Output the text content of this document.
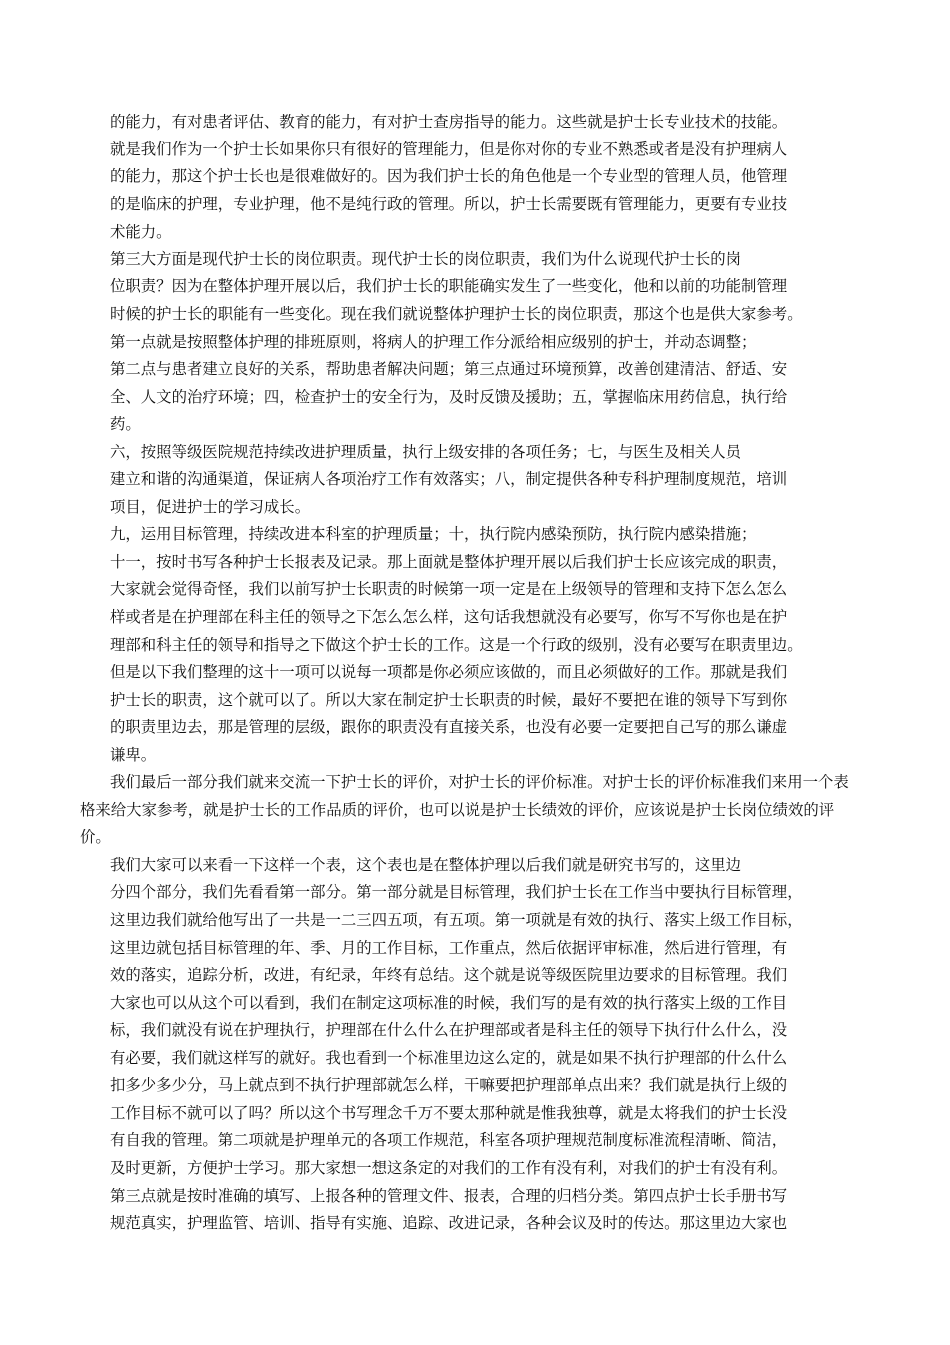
的能力，有对患者评估、教育的能力，有对护士查房指导的能力。这些就是护士长专业技术的技能。
就是我们作为一个护士长如果你只有很好的管理能力，但是你对你的专业不熟悉或者是没有护理病人
的能力，那这个护士长也是很难做好的。因为我们护士长的角色他是一个专业型的管理人员，他管理
的是临床的护理，专业护理，他不是纯行政的管理。所以，护士长需要既有管理能力，更要有专业技
术能力。
第三大方面是现代护士长的岗位职责。现代护士长的岗位职责，我们为什么说现代护士长的岗
位职责？因为在整体护理开展以后，我们护士长的职能确实发生了一些变化，他和以前的功能制管理
时候的护士长的职能有一些变化。现在我们就说整体护理护士长的岗位职责，那这个也是供大家参考。
第一点就是按照整体护理的排班原则，将病人的护理工作分派给相应级别的护士，并动态调整；
第二点与患者建立良好的关系，帮助患者解决问题；第三点通过环境预算，改善创建清洁、舒适、安
全、人文的治疗环境；四，检查护士的安全行为，及时反馈及援助；五，掌握临床用药信息，执行给
药。
六，按照等级医院规范持续改进护理质量，执行上级安排的各项任务；七，与医生及相关人员
建立和谐的沟通渠道，保证病人各项治疗工作有效落实；八，制定提供各种专科护理制度规范，培训
项目，促进护士的学习成长。
九，运用目标管理，持续改进本科室的护理质量；十，执行院内感染预防，执行院内感染措施；
十一，按时书写各种护士长报表及记录。那上面就是整体护理开展以后我们护士长应该完成的职责，
大家就会觉得奇怪，我们以前写护士长职责的时候第一项一定是在上级领导的管理和支持下怎么怎么
样或者是在护理部在科主任的领导之下怎么怎么样，这句话我想就没有必要写，你写不写你也是在护
理部和科主任的领导和指导之下做这个护士长的工作。这是一个行政的级别，没有必要写在职责里边。
但是以下我们整理的这十一项可以说每一项都是你必须应该做的，而且必须做好的工作。那就是我们
护士长的职责，这个就可以了。所以大家在制定护士长职责的时候，最好不要把在谁的领导下写到你
的职责里边去，那是管理的层级，跟你的职责没有直接关系，也没有必要一定要把自己写的那么谦虚
谦卑。
我们最后一部分我们就来交流一下护士长的评价，对护士长的评价标准。对护士长的评价标准我们来用一个表
格来给大家参考，就是护士长的工作品质的评价，也可以说是护士长绩效的评价，应该说是护士长岗位绩效的评
价。
我们大家可以来看一下这样一个表，这个表也是在整体护理以后我们就是研究书写的，这里边
分四个部分，我们先看看第一部分。第一部分就是目标管理，我们护士长在工作当中要执行目标管理，
这里边我们就给他写出了一共是一二三四五项，有五项。第一项就是有效的执行、落实上级工作目标，
这里边就包括目标管理的年、季、月的工作目标，工作重点，然后依据评审标准，然后进行管理，有
效的落实，追踪分析，改进，有纪录，年终有总结。这个就是说等级医院里边要求的目标管理。我们
大家也可以从这个可以看到，我们在制定这项标准的时候，我们写的是有效的执行落实上级的工作目
标，我们就没有说在护理执行，护理部在什么什么在护理部或者是科主任的领导下执行什么什么，没
有必要，我们就这样写的就好。我也看到一个标准里边这么定的，就是如果不执行护理部的什么什么
扣多少多少分，马上就点到不执行护理部就怎么样，干嘛要把护理部单点出来？我们就是执行上级的
工作目标不就可以了吗？所以这个书写理念千万不要太那种就是惟我独尊，就是太将我们的护士长没
有自我的管理。第二项就是护理单元的各项工作规范，科室各项护理规范制度标准流程清晰、简洁，
及时更新，方便护士学习。那大家想一想这条定的对我们的工作有没有利，对我们的护士有没有利。
第三点就是按时准确的填写、上报各种的管理文件、报表，合理的归档分类。第四点护士长手册书写
规范真实，护理监管、培训、指导有实施、追踪、改进记录，各种会议及时的传达。那这里边大家也
